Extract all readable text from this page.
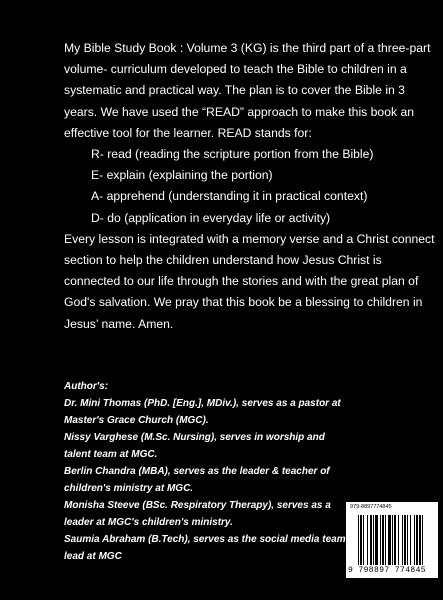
My Bible Study Book : Volume 3 (KG) is the third part of a three-part volume- curriculum developed to teach the Bible to children in a systematic and practical way. The plan is to cover the Bible in 3 years. We have used the “READ” approach to make this book an effective tool for the learner. READ stands for:

R- read (reading the scripture portion from the Bible)
E- explain (explaining the portion)
A- apprehend (understanding it in practical context)
D- do (application in everyday life or activity)

Every lesson is integrated with a memory verse and a Christ connect section to help the children understand how Jesus Christ is connected to our life through the stories and with the great plan of God's salvation. We pray that this book be a blessing to children in Jesus’ name. Amen.

Author's:

Dr. Mini Thomas (PhD. [Eng.], MDiv.), serves as a pastor at Master's Grace Church (MGC).

Nissy Varghese (M.Sc. Nursing), serves in worship and talent team at MGC.

Berlin Chandra (MBA), serves as the leader & teacher of children's ministry at MGC.

Monisha Steeve (BSc. Respiratory Therapy), serves as a leader at MGC's children's ministry.

Saumia Abraham (B.Tech), serves as the social media team lead at MGC

979-8897774845
9 798897 774845
